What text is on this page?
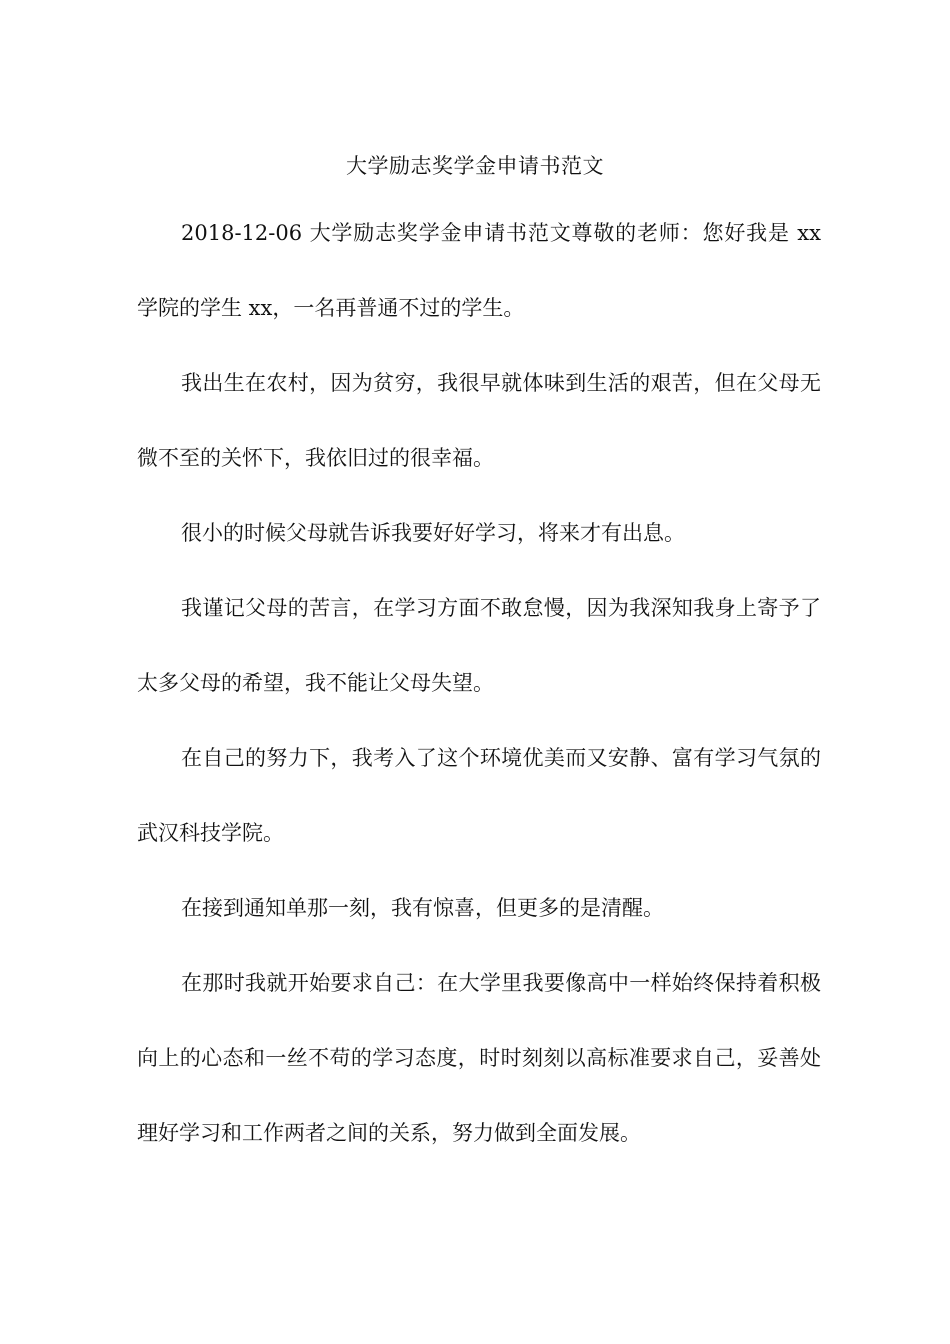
大学励志奖学金申请书范文

2018-12-06 大学励志奖学金申请书范文尊敬的老师：您好我是 xx 学院的学生 xx，一名再普通不过的学生。

我出生在农村，因为贫穷，我很早就体味到生活的艰苦，但在父母无微不至的关怀下，我依旧过的很幸福。

很小的时候父母就告诉我要好好学习，将来才有出息。

我谨记父母的苦言，在学习方面不敢怠慢，因为我深知我身上寄予了太多父母的希望，我不能让父母失望。

在自己的努力下，我考入了这个环境优美而又安静、富有学习气氛的武汉科技学院。

在接到通知单那一刻，我有惊喜，但更多的是清醒。

在那时我就开始要求自己：在大学里我要像高中一样始终保持着积极向上的心态和一丝不苟的学习态度，时时刻刻以高标准要求自己，妥善处理好学习和工作两者之间的关系，努力做到全面发展。
